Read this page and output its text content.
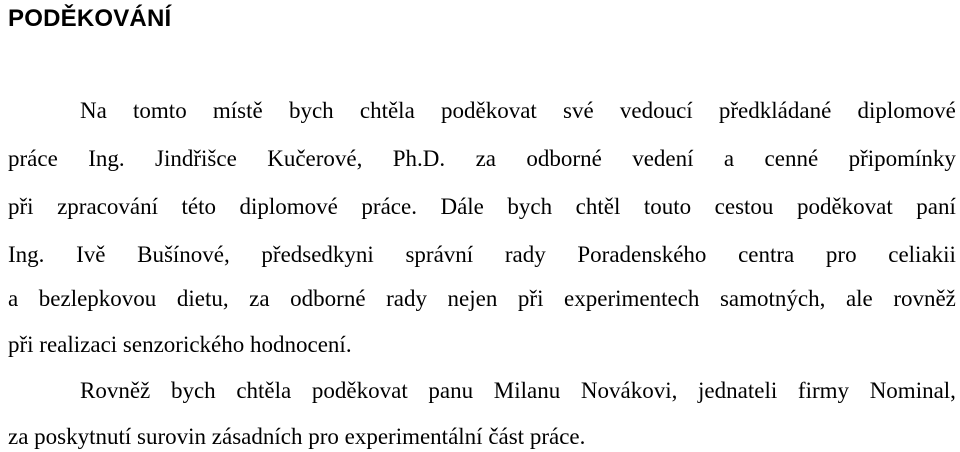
PODĚKOVÁNÍ

Na tomto místě bych chtěla poděkovat své vedoucí předkládané diplomové

práce Ing. Jindřišce Kučerové, Ph.D. za odborné vedení a cenné připomínky

při zpracování této diplomové práce. Dále bych chtěl touto cestou poděkovat paní

Ing. Ivě Bušínové, předsedkyni správní rady Poradenského centra pro celiakii

a bezlepkovou dietu, za odborné rady nejen při experimentech samotných, ale rovněž

při realizaci senzorického hodnocení.

Rovněž bych chtěla poděkovat panu Milanu Novákovi, jednateli firmy Nominal,

za poskytnutí surovin zásadních pro experimentální část práce.
